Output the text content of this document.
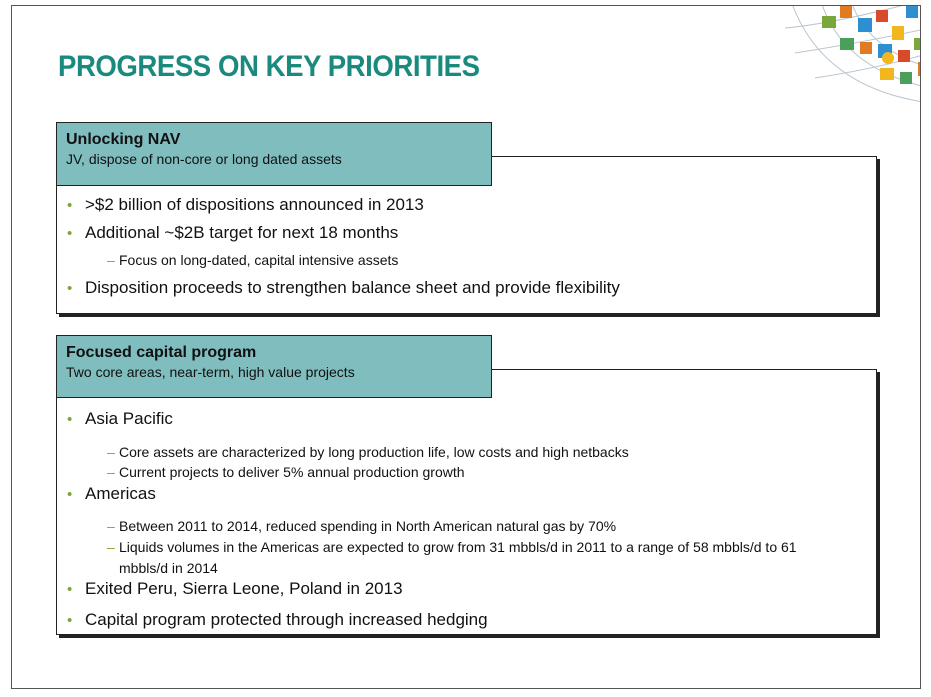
PROGRESS ON KEY PRIORITIES
• >$2 billion of dispositions announced in 2013
• Additional ~$2B target for next 18 months
– Focus on long-dated, capital intensive assets
• Disposition proceeds to strengthen balance sheet and provide flexibility
Unlocking NAV
JV, dispose of non-core or long dated assets
• Asia Pacific
– Core assets are characterized by long production life, low costs and high netbacks
– Current projects to deliver 5% annual production growth
• Americas
– Between 2011 to 2014, reduced spending in North American natural gas by 70%
– Liquids volumes in the Americas are expected to grow from 31 mbbls/d in 2011 to a range of 58 mbbls/d to 61 mbbls/d in 2014
• Exited Peru, Sierra Leone, Poland in 2013
• Capital program protected through increased hedging
Focused capital program
Two core areas, near-term, high value projects
